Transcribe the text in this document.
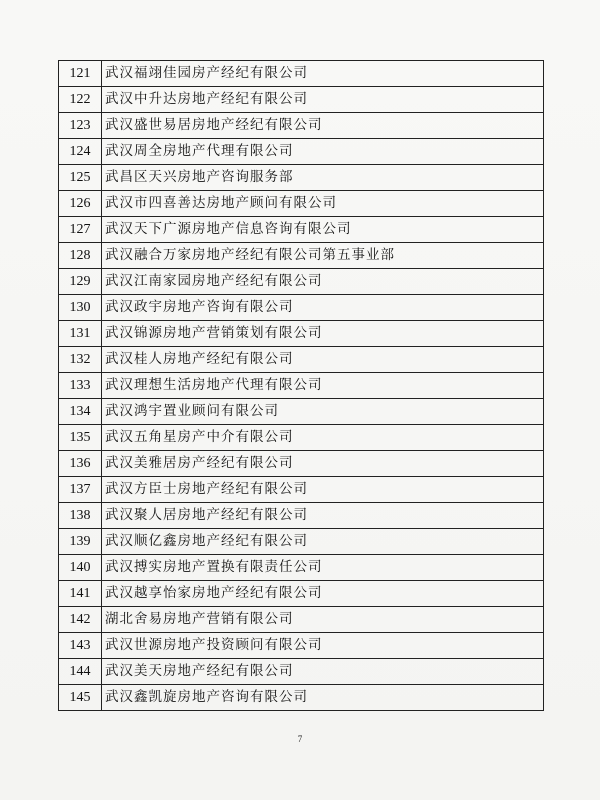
121	武汉福翊佳园房产经纪有限公司
122	武汉中升达房地产经纪有限公司
123	武汉盛世易居房地产经纪有限公司
124	武汉周全房地产代理有限公司
125	武昌区天兴房地产咨询服务部
126	武汉市四喜善达房地产顾问有限公司
127	武汉天下广源房地产信息咨询有限公司
128	武汉融合万家房地产经纪有限公司第五事业部
129	武汉江南家园房地产经纪有限公司
130	武汉政宇房地产咨询有限公司
131	武汉锦源房地产营销策划有限公司
132	武汉桂人房地产经纪有限公司
133	武汉理想生活房地产代理有限公司
134	武汉鸿宇置业顾问有限公司
135	武汉五角星房产中介有限公司
136	武汉美雅居房产经纪有限公司
137	武汉方臣士房地产经纪有限公司
138	武汉聚人居房地产经纪有限公司
139	武汉顺亿鑫房地产经纪有限公司
140	武汉搏实房地产置换有限责任公司
141	武汉越享怡家房地产经纪有限公司
142	湖北舍易房地产营销有限公司
143	武汉世源房地产投资顾问有限公司
144	武汉美天房地产经纪有限公司
145	武汉鑫凯旋房地产咨询有限公司
7
